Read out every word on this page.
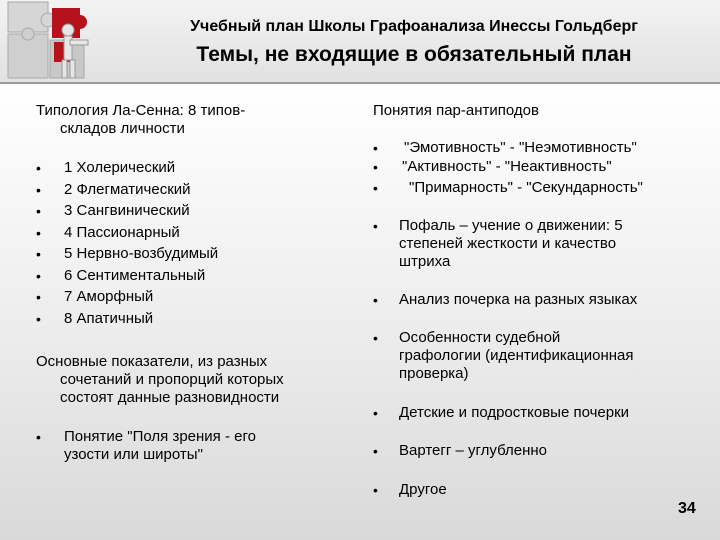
Учебный план Школы Графоанализа Инессы Гольдберг
Темы, не входящие в обязательный план
Типология Ла-Сенна: 8 типов-
складов личности
• 1 Холерический
• 2 Флегматический
• 3 Сангвинический
• 4 Пассионарный
• 5 Нервно-возбудимый
• 6 Сентиментальный
• 7 Аморфный
• 8 Апатичный
Основные показатели, из разных
сочетаний и пропорций которых
состоят данные разновидности
• Понятие "Поля зрения - его
узости или широты"
Понятия пар-антиподов
• "Эмотивность" - "Неэмотивность"
• "Активность" - "Неактивность"
• "Примарность" - "Секундарность"
• Пофаль – учение о движении: 5
степеней жесткости и качество
штриха
• Анализ почерка на разных языках
• Особенности судебной
графологии (идентификационная
проверка)
• Детские и подростковые почерки
• Вартегг – углубленно
• Другое
34
